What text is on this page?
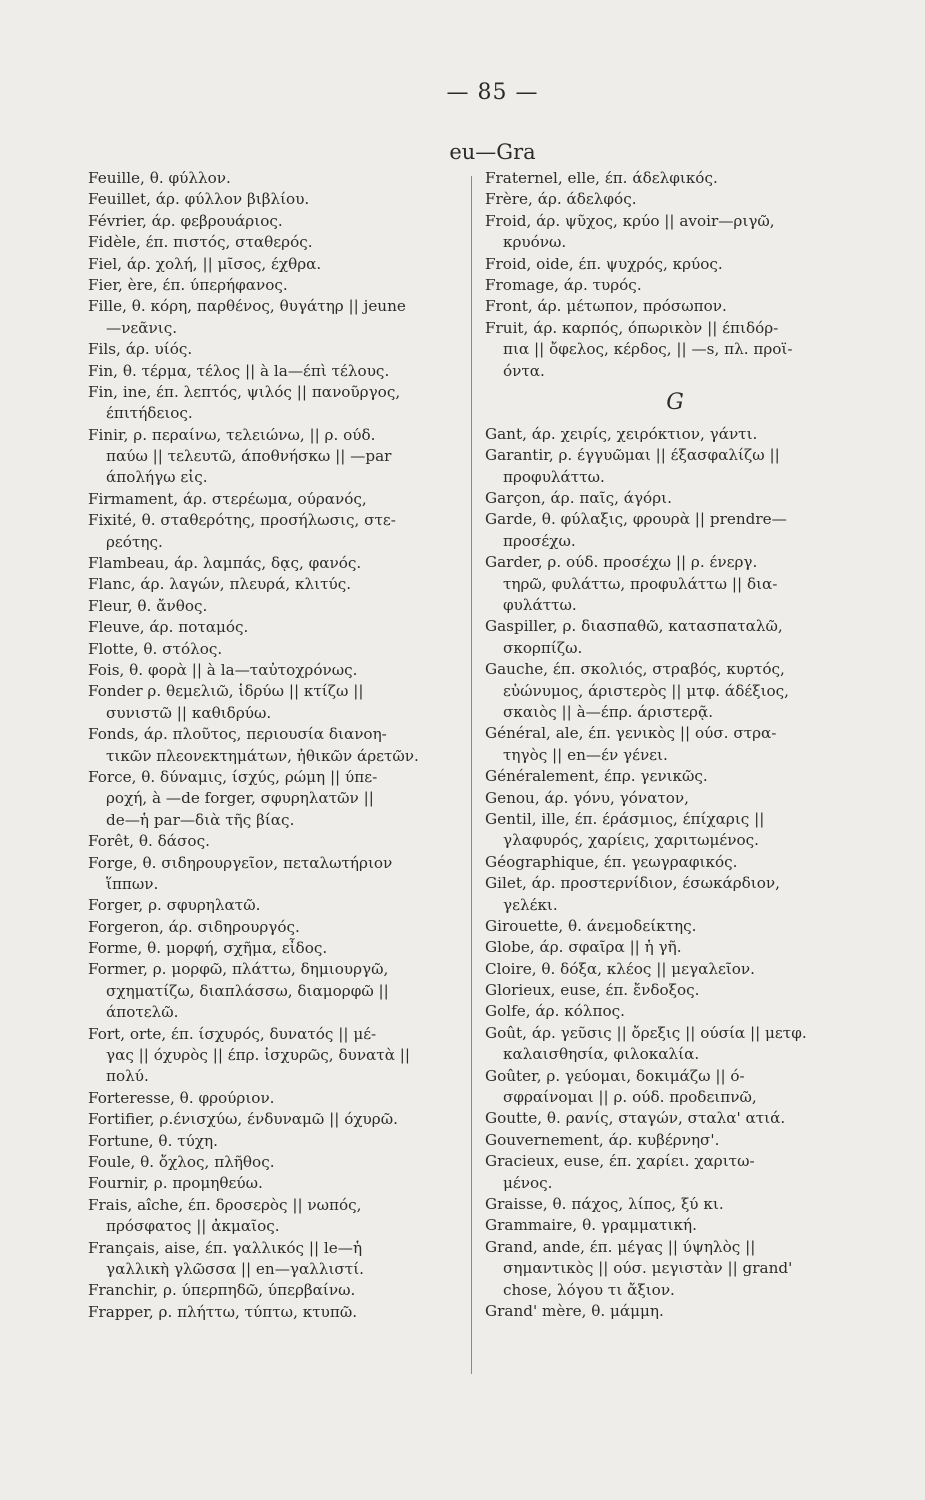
— 85 —
eu—Gra
Feuille, θ. φύλλον.
Feuillet, άρ. φύλλον βιβλίου.
Février, άρ. φεβρουάριος.
Fidèle, έπ. πιστός, σταθερός.
Fiel, άρ. χολή, || μῖσος, έχθρα.
Fier, ère, έπ. ύπερήφανος.
Fille, θ. κόρη, παρθένος, θυγάτηρ || jeune
—νεᾶνις.
Fils, άρ. υίός.
Fin, θ. τέρμα, τέλος || à la—έπὶ τέλους.
Fin, ine, έπ. λεπτός, ψιλός || πανοῦργος,
έπιτήδειος.
Finir, ρ. περαίνω, τελειώνω, || ρ. ούδ.
παύω || τελευτῶ, άποθνήσκω || —par
άπολήγω εἰς.
Firmament, άρ. στερέωμα, ούρανός,
Fixité, θ. σταθερότης, προσήλωσις, στε-
ρεότης.
Flambeau, άρ. λαμπάς, δᾳς, φανός.
Flanc, άρ. λαγών, πλευρά, κλιτύς.
Fleur, θ. ἄνθος.
Fleuve, άρ. ποταμός.
Flotte, θ. στόλος.
Fois, θ. φορὰ || à la—ταὐτοχρόνως.
Fonder ρ. θεμελιῶ, ἱδρύω || κτίζω ||
συνιστῶ || καθιδρύω.
Fonds, άρ. πλοῦτος, περιουσία διανοη-
τικῶν πλεονεκτημάτων, ἠθικῶν άρετῶν.
Force, θ. δύναμις, ίσχύς, ρώμη || ύπε-
ροχή, à —de forger, σφυρηλατῶν ||
de—ἡ par—διὰ τῆς βίας.
Forêt, θ. δάσος.
Forge, θ. σιδηρουργεῖον, πεταλωτήριον
ἵππων.
Forger, ρ. σφυρηλατῶ.
Forgeron, άρ. σιδηρουργός.
Forme, θ. μορφή, σχῆμα, εἶδος.
Former, ρ. μορφῶ, πλάττω, δημιουργῶ,
σχηματίζω, διαπλάσσω, διαμορφῶ ||
άποτελῶ.
Fort, orte, έπ. ίσχυρός, δυνατός || μέ-
γας || όχυρὸς || έπρ. ἰσχυρῶς, δυνατὰ ||
πολύ.
Forteresse, θ. φρούριον.
Fortifier, ρ.ένισχύω, ένδυναμῶ || όχυρῶ.
Fortune, θ. τύχη.
Foule, θ. ὄχλος, πλῆθος.
Fournir, ρ. προμηθεύω.
Frais, aîche, έπ. δροσερὸς || νωπός,
πρόσφατος || ἀκμαῖος.
Français, aise, έπ. γαλλικός || le—ἡ
γαλλικὴ γλῶσσα || en—γαλλιστί.
Franchir, ρ. ύπερπηδῶ, ύπερβαίνω.
Frapper, ρ. πλήττω, τύπτω, κτυπῶ.
Fraternel, elle, έπ. άδελφικός.
Frère, άρ. άδελφός.
Froid, άρ. ψῦχος, κρύο || avoir—ριγῶ,
κρυόνω.
Froid, oide, έπ. ψυχρός, κρύος.
Fromage, άρ. τυρός.
Front, άρ. μέτωπον, πρόσωπον.
Fruit, άρ. καρπός, όπωρικὸν || έπιδόρ-
πια || ὄφελος, κέρδος, || —s, πλ. προϊ-
όντα.
G
Gant, άρ. χειρίς, χειρόκτιον, γάντι.
Garantir, ρ. έγγυῶμαι || έξασφαλίζω ||
προφυλάττω.
Garçon, άρ. παῖς, άγόρι.
Garde, θ. φύλαξις, φρουρὰ || prendre—
προσέχω.
Garder, ρ. ούδ. προσέχω || ρ. ένεργ.
τηρῶ, φυλάττω, προφυλάττω || δια-
φυλάττω.
Gaspiller, ρ. διασπαθῶ, κατασπαταλῶ,
σκορπίζω.
Gauche, έπ. σκολιός, στραβός, κυρτός,
εὐώνυμος, άριστερὸς || μτφ. άδέξιος,
σκαιὸς || à—έπρ. άριστερᾷ.
Général, ale, έπ. γενικὸς || ούσ. στρα-
τηγὸς || en—έν γένει.
Généralement, έπρ. γενικῶς.
Genou, άρ. γόνυ, γόνατον,
Gentil, ille, έπ. έράσμιος, έπίχαρις ||
γλαφυρός, χαρίεις, χαριτωμένος.
Géographique, έπ. γεωγραφικός.
Gilet, άρ. προστερνίδιον, έσωκάρδιον,
γελέκι.
Girouette, θ. άνεμοδείκτης.
Globe, άρ. σφαῖρα || ἡ γῆ.
Cloire, θ. δόξα, κλέος || μεγαλεῖον.
Glorieux, euse, έπ. ἔνδοξος.
Golfe, άρ. κόλπος.
Goût, άρ. γεῦσις || ὄρεξις || ούσία || μετφ.
καλαισθησία, φιλοκαλία.
Goûter, ρ. γεύομαι, δοκιμάζω || ό-
σφραίνομαι || ρ. ούδ. προδειπνῶ,
Goutte, θ. ρανίς, σταγών, σταλα' ατιά.
Gouvernement, άρ. κυβέρνησ'.
Gracieux, euse, έπ. χαρίει. χαριτω-
μένος.
Graisse, θ. πάχος, λίπος, ξύ κι.
Grammaire, θ. γραμματική.
Grand, ande, έπ. μέγας || ύψηλὸς ||
σημαντικὸς || ούσ. μεγιστὰν || grand'
chose, λόγου τι ἄξιον.
Grand' mère, θ. μάμμη.
